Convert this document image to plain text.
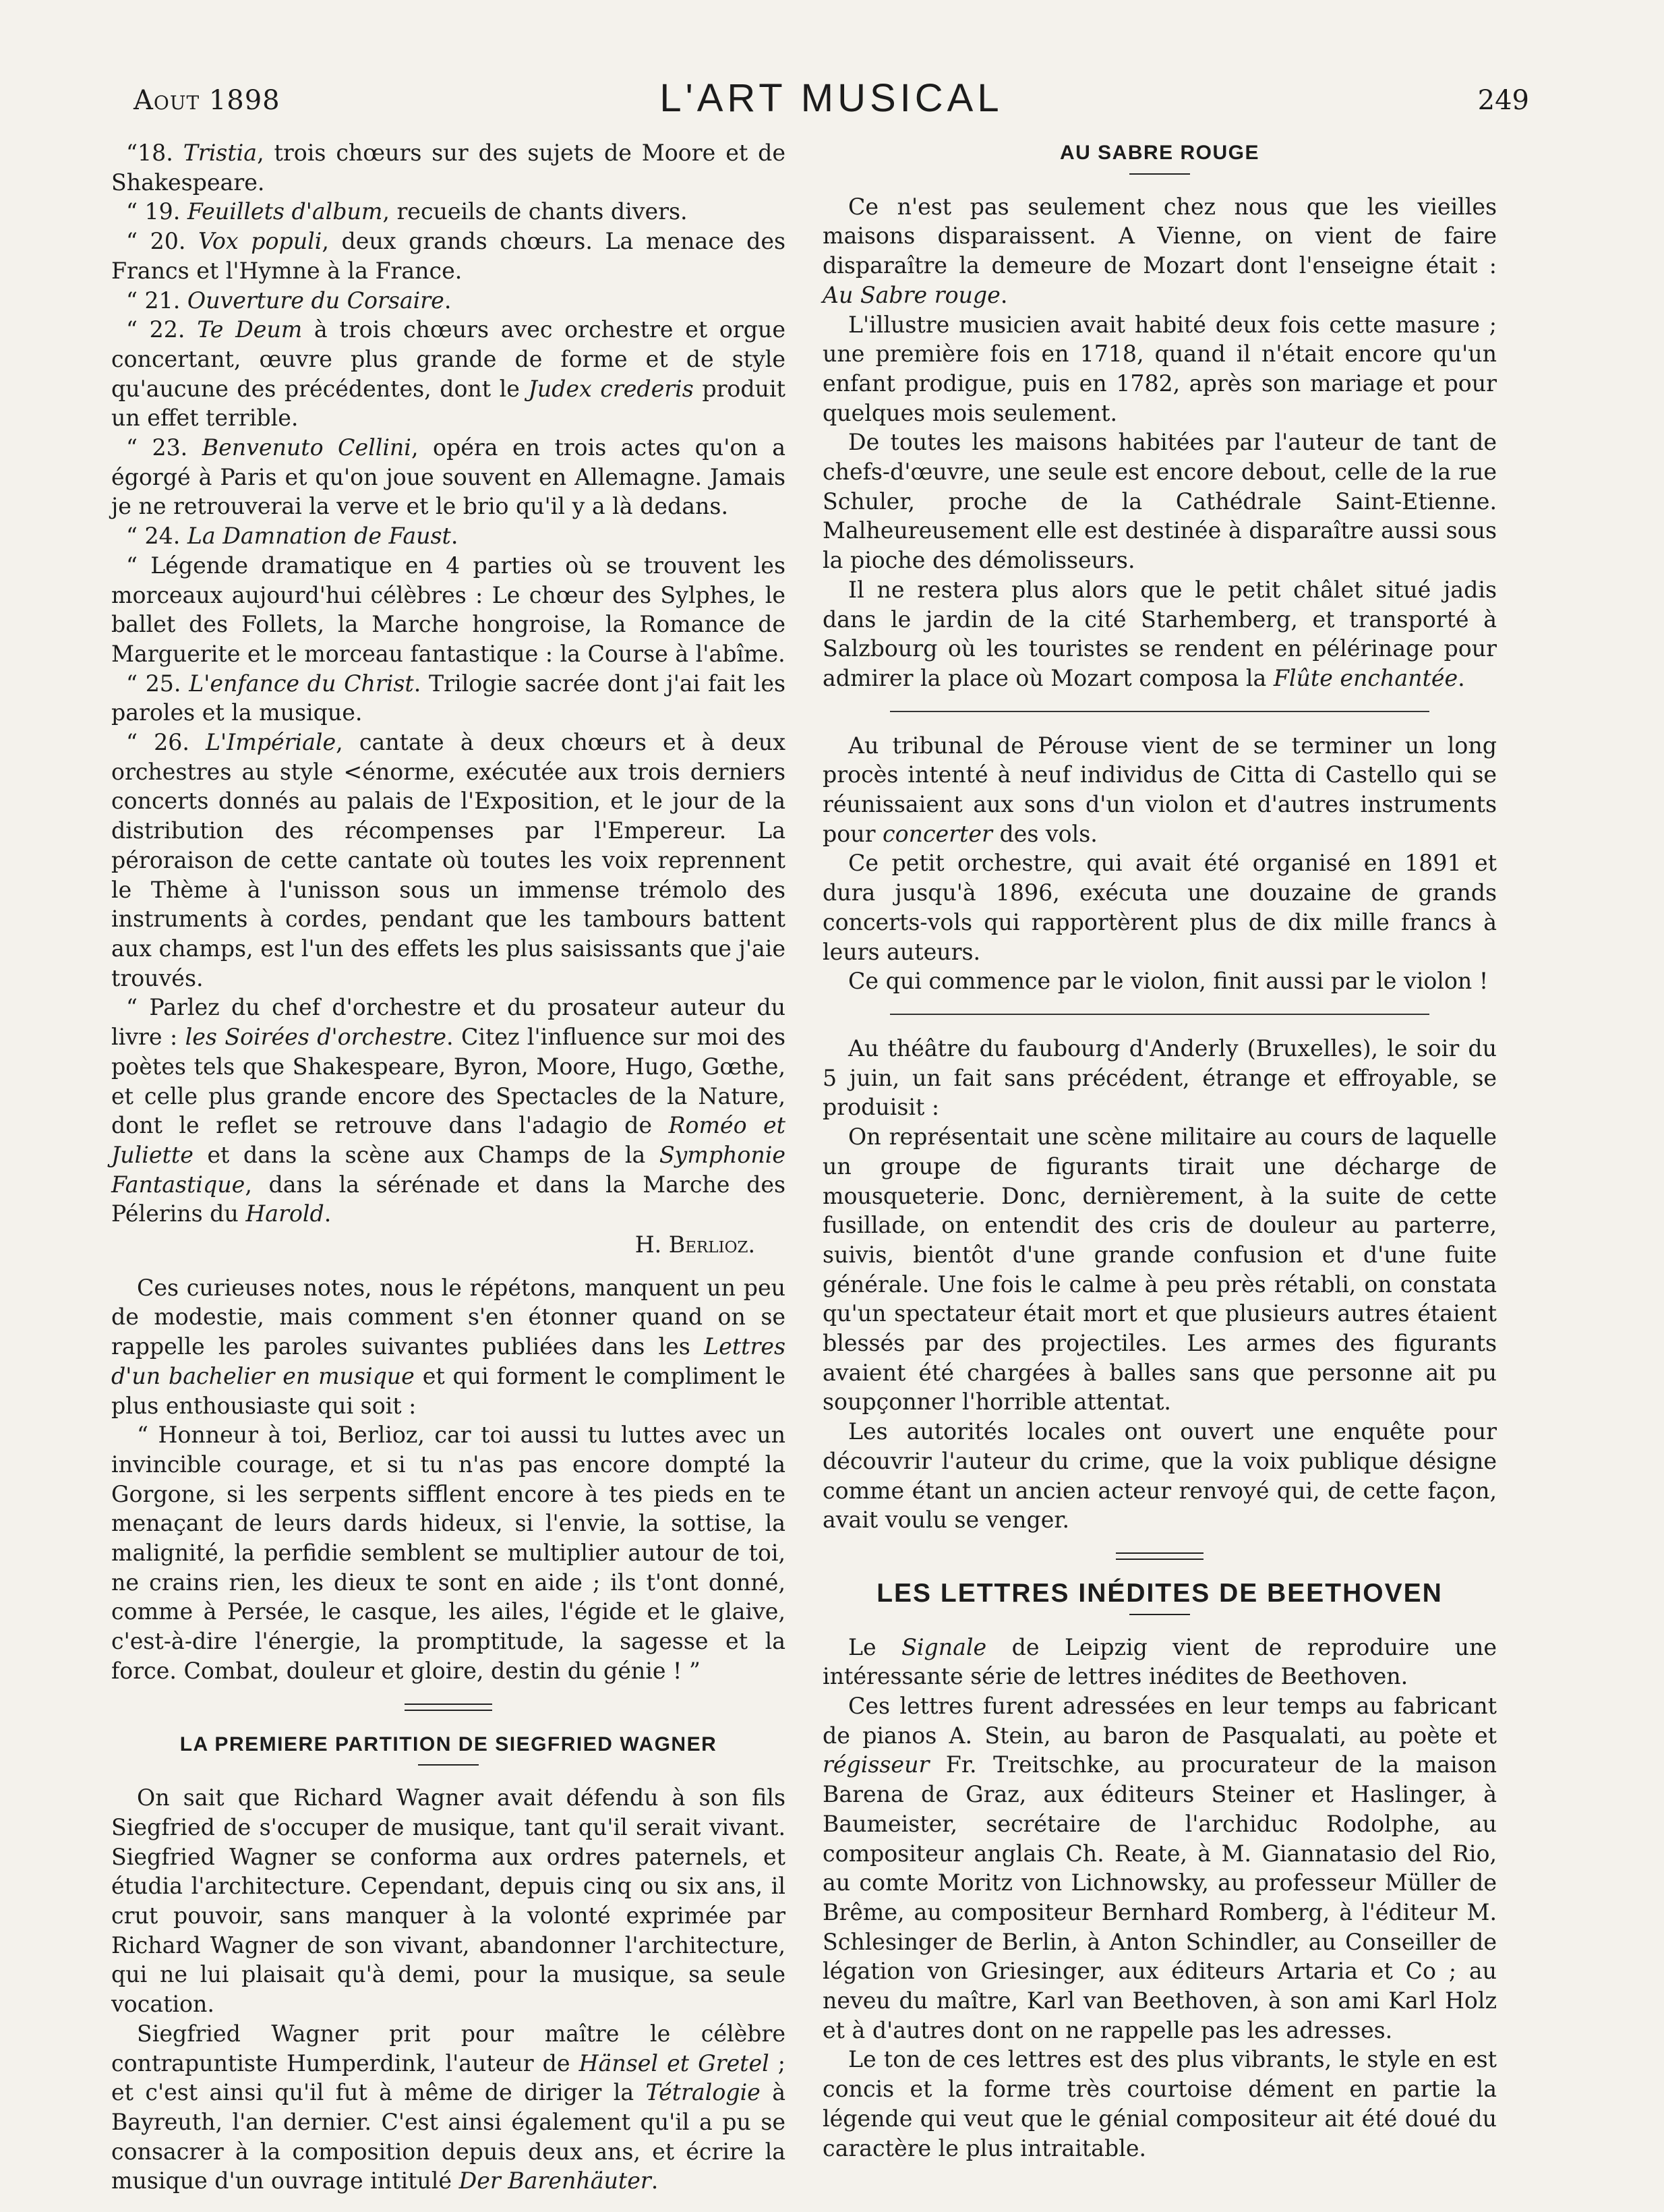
Aout 1898	L'ART MUSICAL	249

“18. Tristia, trois chœurs sur des sujets de Moore et de Shakespeare.

“ 19. Feuillets d'album, recueils de chants divers.

“ 20. Vox populi, deux grands chœurs. La menace des Francs et l'Hymne à la France.

“ 21. Ouverture du Corsaire.

“ 22. Te Deum à trois chœurs avec orchestre et orgue concertant, œuvre plus grande de forme et de style qu'aucune des précédentes, dont le Judex crederis produit un effet terrible.

“ 23. Benvenuto Cellini, opéra en trois actes qu'on a égorgé à Paris et qu'on joue souvent en Allemagne. Jamais je ne retrouverai la verve et le brio qu'il y a là dedans.

“ 24. La Damnation de Faust.

“ Légende dramatique en 4 parties où se trouvent les morceaux aujourd'hui célèbres : Le chœur des Sylphes, le ballet des Follets, la Marche hongroise, la Romance de Marguerite et le morceau fantastique : la Course à l'abîme.

“ 25. L'enfance du Christ. Trilogie sacrée dont j'ai fait les paroles et la musique.

“ 26. L'Impériale, cantate à deux chœurs et à deux orchestres au style <énorme, exécutée aux trois derniers concerts donnés au palais de l'Exposition, et le jour de la distribution des récompenses par l'Empereur. La péroraison de cette cantate où toutes les voix reprennent le Thème à l'unisson sous un immense trémolo des instruments à cordes, pendant que les tambours battent aux champs, est l'un des effets les plus saisissants que j'aie trouvés.

“ Parlez du chef d'orchestre et du prosateur auteur du livre : les Soirées d'orchestre. Citez l'influence sur moi des poètes tels que Shakespeare, Byron, Moore, Hugo, Gœthe, et celle plus grande encore des Spectacles de la Nature, dont le reflet se retrouve dans l'adagio de Roméo et Juliette et dans la scène aux Champs de la Symphonie Fantastique, dans la sérénade et dans la Marche des Pélerins du Harold.

H. Berlioz.

Ces curieuses notes, nous le répétons, manquent un peu de modestie, mais comment s'en étonner quand on se rappelle les paroles suivantes publiées dans les Lettres d'un bachelier en musique et qui forment le compliment le plus enthousiaste qui soit :

“ Honneur à toi, Berlioz, car toi aussi tu luttes avec un invincible courage, et si tu n'as pas encore dompté la Gorgone, si les serpents sifflent encore à tes pieds en te menaçant de leurs dards hideux, si l'envie, la sottise, la malignité, la perfidie semblent se multiplier autour de toi, ne crains rien, les dieux te sont en aide ; ils t'ont donné, comme à Persée, le casque, les ailes, l'égide et le glaive, c'est-à-dire l'énergie, la promptitude, la sagesse et la force. Combat, douleur et gloire, destin du génie ! ”

LA PREMIERE PARTITION DE SIEGFRIED WAGNER

On sait que Richard Wagner avait défendu à son fils Siegfried de s'occuper de musique, tant qu'il serait vivant. Siegfried Wagner se conforma aux ordres paternels, et étudia l'architecture. Cependant, depuis cinq ou six ans, il crut pouvoir, sans manquer à la volonté exprimée par Richard Wagner de son vivant, abandonner l'architecture, qui ne lui plaisait qu'à demi, pour la musique, sa seule vocation.

Siegfried Wagner prit pour maître le célèbre contrapuntiste Humperdink, l'auteur de Hänsel et Gretel ; et c'est ainsi qu'il fut à même de diriger la Tétralogie à Bayreuth, l'an dernier. C'est ainsi également qu'il a pu se consacrer à la composition depuis deux ans, et écrire la musique d'un ouvrage intitulé Der Barenhäuter.

AU SABRE ROUGE

Ce n'est pas seulement chez nous que les vieilles maisons disparaissent. A Vienne, on vient de faire disparaître la demeure de Mozart dont l'enseigne était : Au Sabre rouge.

L'illustre musicien avait habité deux fois cette masure ; une première fois en 1718, quand il n'était encore qu'un enfant prodigue, puis en 1782, après son mariage et pour quelques mois seulement.

De toutes les maisons habitées par l'auteur de tant de chefs-d'œuvre, une seule est encore debout, celle de la rue Schuler, proche de la Cathédrale Saint-Etienne. Malheureusement elle est destinée à disparaître aussi sous la pioche des démolisseurs.

Il ne restera plus alors que le petit châlet situé jadis dans le jardin de la cité Starhemberg, et transporté à Salzbourg où les touristes se rendent en pélérinage pour admirer la place où Mozart composa la Flûte enchantée.

Au tribunal de Pérouse vient de se terminer un long procès intenté à neuf individus de Citta di Castello qui se réunissaient aux sons d'un violon et d'autres instruments pour concerter des vols.

Ce petit orchestre, qui avait été organisé en 1891 et dura jusqu'à 1896, exécuta une douzaine de grands concerts-vols qui rapportèrent plus de dix mille francs à leurs auteurs.

Ce qui commence par le violon, finit aussi par le violon !

Au théâtre du faubourg d'Anderly (Bruxelles), le soir du 5 juin, un fait sans précédent, étrange et effroyable, se produisit :

On représentait une scène militaire au cours de laquelle un groupe de figurants tirait une décharge de mousqueterie. Donc, dernièrement, à la suite de cette fusillade, on entendit des cris de douleur au parterre, suivis, bientôt d'une grande confusion et d'une fuite générale. Une fois le calme à peu près rétabli, on constata qu'un spectateur était mort et que plusieurs autres étaient blessés par des projectiles. Les armes des figurants avaient été chargées à balles sans que personne ait pu soupçonner l'horrible attentat.

Les autorités locales ont ouvert une enquête pour découvrir l'auteur du crime, que la voix publique désigne comme étant un ancien acteur renvoyé qui, de cette façon, avait voulu se venger.

LES LETTRES INÉDITES DE BEETHOVEN

Le Signale de Leipzig vient de reproduire une intéressante série de lettres inédites de Beethoven.

Ces lettres furent adressées en leur temps au fabricant de pianos A. Stein, au baron de Pasqualati, au poète et régisseur Fr. Treitschke, au procurateur de la maison Barena de Graz, aux éditeurs Steiner et Haslinger, à Baumeister, secrétaire de l'archiduc Rodolphe, au compositeur anglais Ch. Reate, à M. Giannatasio del Rio, au comte Moritz von Lichnowsky, au professeur Müller de Brême, au compositeur Bernhard Romberg, à l'éditeur M. Schlesinger de Berlin, à Anton Schindler, au Conseiller de légation von Griesinger, aux éditeurs Artaria et Co ; au neveu du maître, Karl van Beethoven, à son ami Karl Holz et à d'autres dont on ne rappelle pas les adresses.

Le ton de ces lettres est des plus vibrants, le style en est concis et la forme très courtoise dément en partie la légende qui veut que le génial compositeur ait été doué du caractère le plus intraitable.
